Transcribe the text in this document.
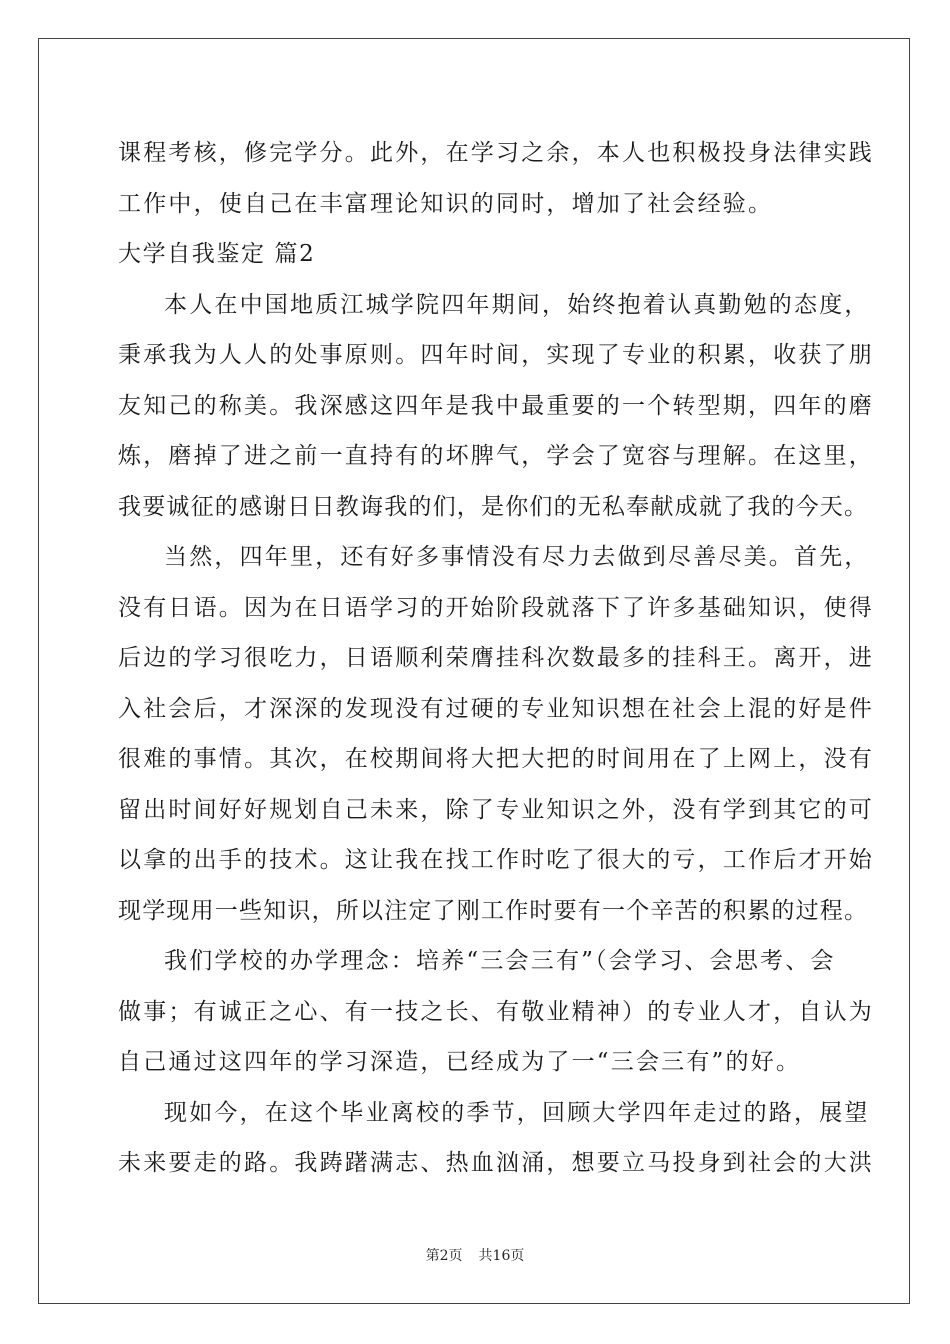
课程考核，修完学分。此外，在学习之余，本人也积极投身法律实践
工作中，使自己在丰富理论知识的同时，增加了社会经验。
大学自我鉴定 篇2
本人在中国地质江城学院四年期间，始终抱着认真勤勉的态度，
秉承我为人人的处事原则。四年时间，实现了专业的积累，收获了朋
友知己的称美。我深感这四年是我中最重要的一个转型期，四年的磨
炼，磨掉了进之前一直持有的坏脾气，学会了宽容与理解。在这里，
我要诚征的感谢日日教诲我的们，是你们的无私奉献成就了我的今天。
当然，四年里，还有好多事情没有尽力去做到尽善尽美。首先，
没有日语。因为在日语学习的开始阶段就落下了许多基础知识，使得
后边的学习很吃力，日语顺利荣膺挂科次数最多的挂科王。离开，进
入社会后，才深深的发现没有过硬的专业知识想在社会上混的好是件
很难的事情。其次，在校期间将大把大把的时间用在了上网上，没有
留出时间好好规划自己未来，除了专业知识之外，没有学到其它的可
以拿的出手的技术。这让我在找工作时吃了很大的亏，工作后才开始
现学现用一些知识，所以注定了刚工作时要有一个辛苦的积累的过程。
我们学校的办学理念：培养“三会三有”（会学习、会思考、会
做事；有诚正之心、有一技之长、有敬业精神）的专业人才，自认为
自己通过这四年的学习深造，已经成为了一“三会三有”的好。
现如今，在这个毕业离校的季节，回顾大学四年走过的路，展望
未来要走的路。我踌躇满志、热血汹涌，想要立马投身到社会的大洪
第2页 共16页
